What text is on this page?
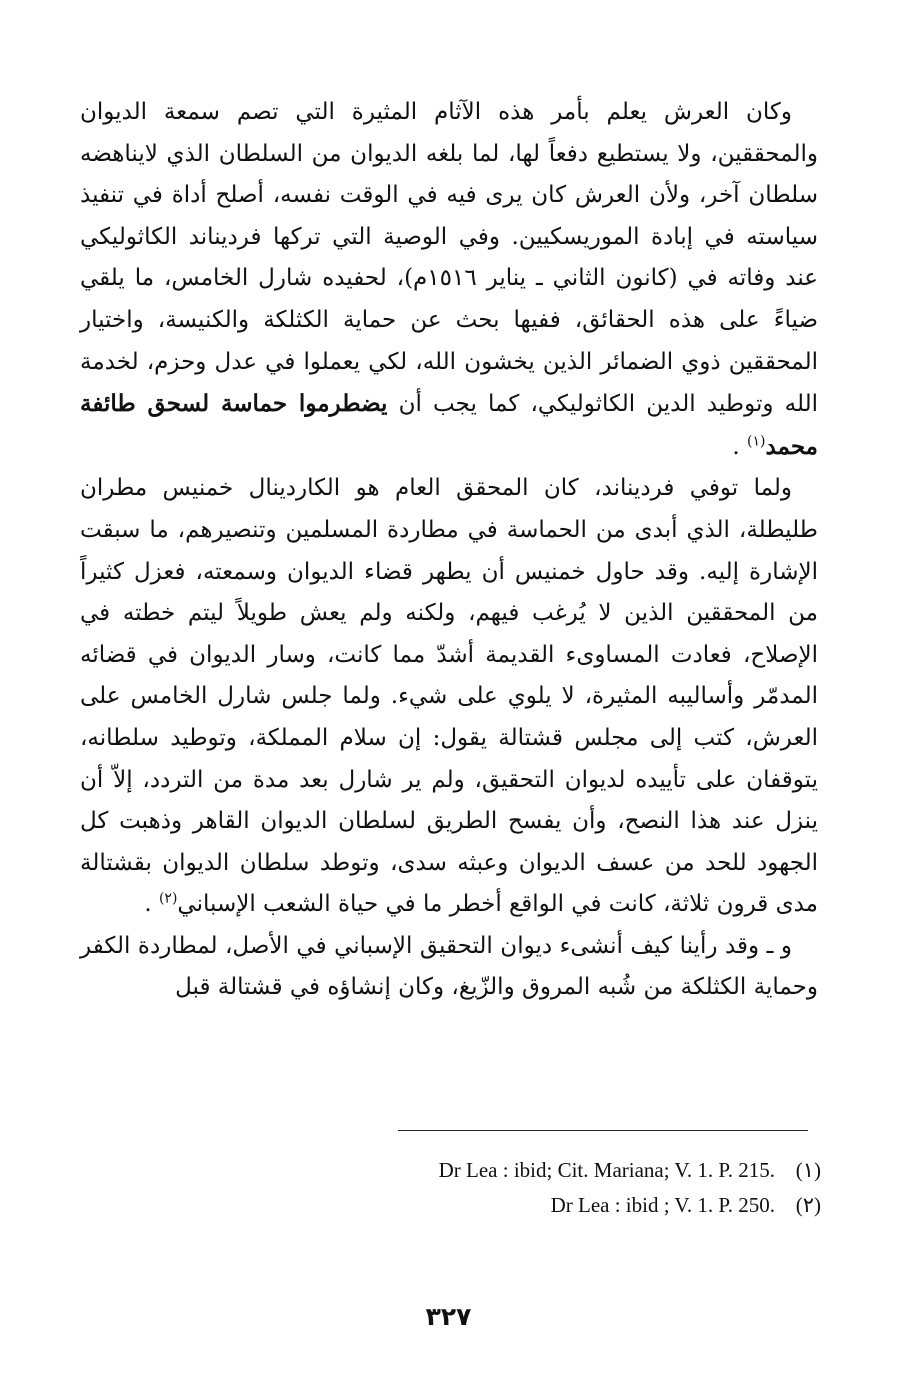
وكان العرش يعلم بأمر هذه الآثام المثيرة التي تصم سمعة الديوان والمحققين، ولا يستطيع دفعاً لها، لما بلغه الديوان من السلطان الذي لايناهضه سلطان آخر، ولأن العرش كان يرى فيه في الوقت نفسه، أصلح أداة في تنفيذ سياسته في إبادة الموريسكيين. وفي الوصية التي تركها فرديناند الكاثوليكي عند وفاته في (كانون الثاني ـ يناير ١٥١٦م)، لحفيده شارل الخامس، ما يلقي ضياءً على هذه الحقائق، ففيها بحث عن حماية الكثلكة والكنيسة، واختيار المحققين ذوي الضمائر الذين يخشون الله، لكي يعملوا في عدل وحزم، لخدمة الله وتوطيد الدين الكاثوليكي، كما يجب أن يضطرموا حماسة لسحق طائفة محمد$^{(١)}$ .

ولما توفي فرديناند، كان المحقق العام هو الكاردينال خمنيس مطران طليطلة، الذي أبدى من الحماسة في مطاردة المسلمين وتنصيرهم، ما سبقت الإشارة إليه. وقد حاول خمنيس أن يطهر قضاء الديوان وسمعته، فعزل كثيراً من المحققين الذين لا يُرغب فيهم، ولكنه ولم يعش طويلاً ليتم خطته في الإصلاح، فعادت المساوىء القديمة أشدّ مما كانت، وسار الديوان في قضائه المدمّر وأساليبه المثيرة، لا يلوي على شيء. ولما جلس شارل الخامس على العرش، كتب إلى مجلس قشتالة يقول: إن سلام المملكة، وتوطيد سلطانه، يتوقفان على تأييده لديوان التحقيق، ولم ير شارل بعد مدة من التردد، إلاّ أن ينزل عند هذا النصح، وأن يفسح الطريق لسلطان الديوان القاهر وذهبت كل الجهود للحد من عسف الديوان وعبثه سدى، وتوطد سلطان الديوان بقشتالة مدى قرون ثلاثة، كانت في الواقع أخطر ما في حياة الشعب الإسباني$^{(٢)}$ .

و ـ وقد رأينا كيف أنشىء ديوان التحقيق الإسباني في الأصل، لمطاردة الكفر وحماية الكثلكة من شُبه المروق والزّيغ، وكان إنشاؤه في قشتالة قبل

Dr Lea : ibid; Cit. Mariana; V. 1. P. 215. (١)
Dr Lea : ibid ; V. 1. P. 250. (٢)
٣٢٧
